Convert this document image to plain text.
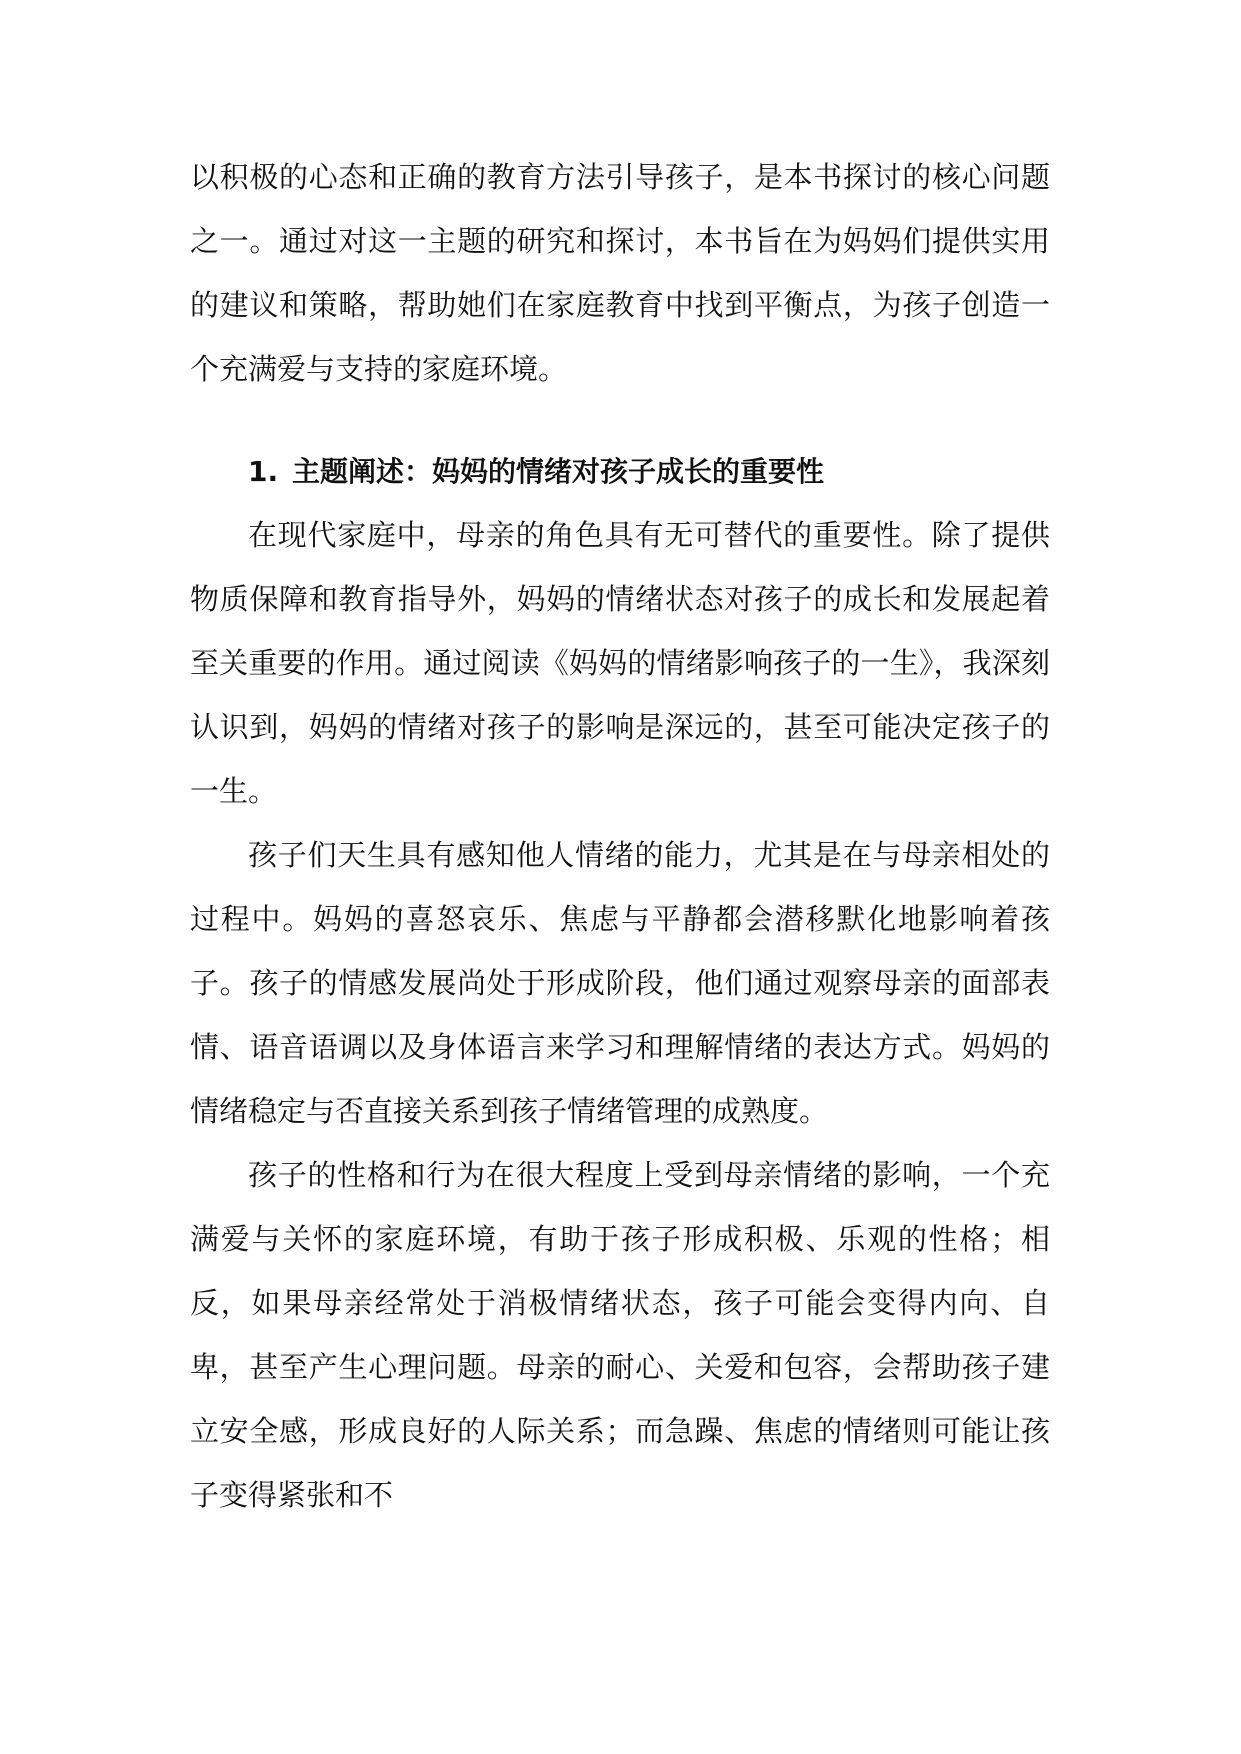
以积极的心态和正确的教育方法引导孩子，是本书探讨的核心问题之一。通过对这一主题的研究和探讨，本书旨在为妈妈们提供实用的建议和策略，帮助她们在家庭教育中找到平衡点，为孩子创造一个充满爱与支持的家庭环境。

1. 主题阐述：妈妈的情绪对孩子成长的重要性

在现代家庭中，母亲的角色具有无可替代的重要性。除了提供物质保障和教育指导外，妈妈的情绪状态对孩子的成长和发展起着至关重要的作用。通过阅读《妈妈的情绪影响孩子的一生》，我深刻认识到，妈妈的情绪对孩子的影响是深远的，甚至可能决定孩子的一生。

孩子们天生具有感知他人情绪的能力，尤其是在与母亲相处的过程中。妈妈的喜怒哀乐、焦虑与平静都会潜移默化地影响着孩子。孩子的情感发展尚处于形成阶段，他们通过观察母亲的面部表情、语音语调以及身体语言来学习和理解情绪的表达方式。妈妈的情绪稳定与否直接关系到孩子情绪管理的成熟度。

孩子的性格和行为在很大程度上受到母亲情绪的影响，一个充满爱与关怀的家庭环境，有助于孩子形成积极、乐观的性格；相反，如果母亲经常处于消极情绪状态，孩子可能会变得内向、自卑，甚至产生心理问题。母亲的耐心、关爱和包容，会帮助孩子建立安全感，形成良好的人际关系；而急躁、焦虑的情绪则可能让孩子变得紧张和不
